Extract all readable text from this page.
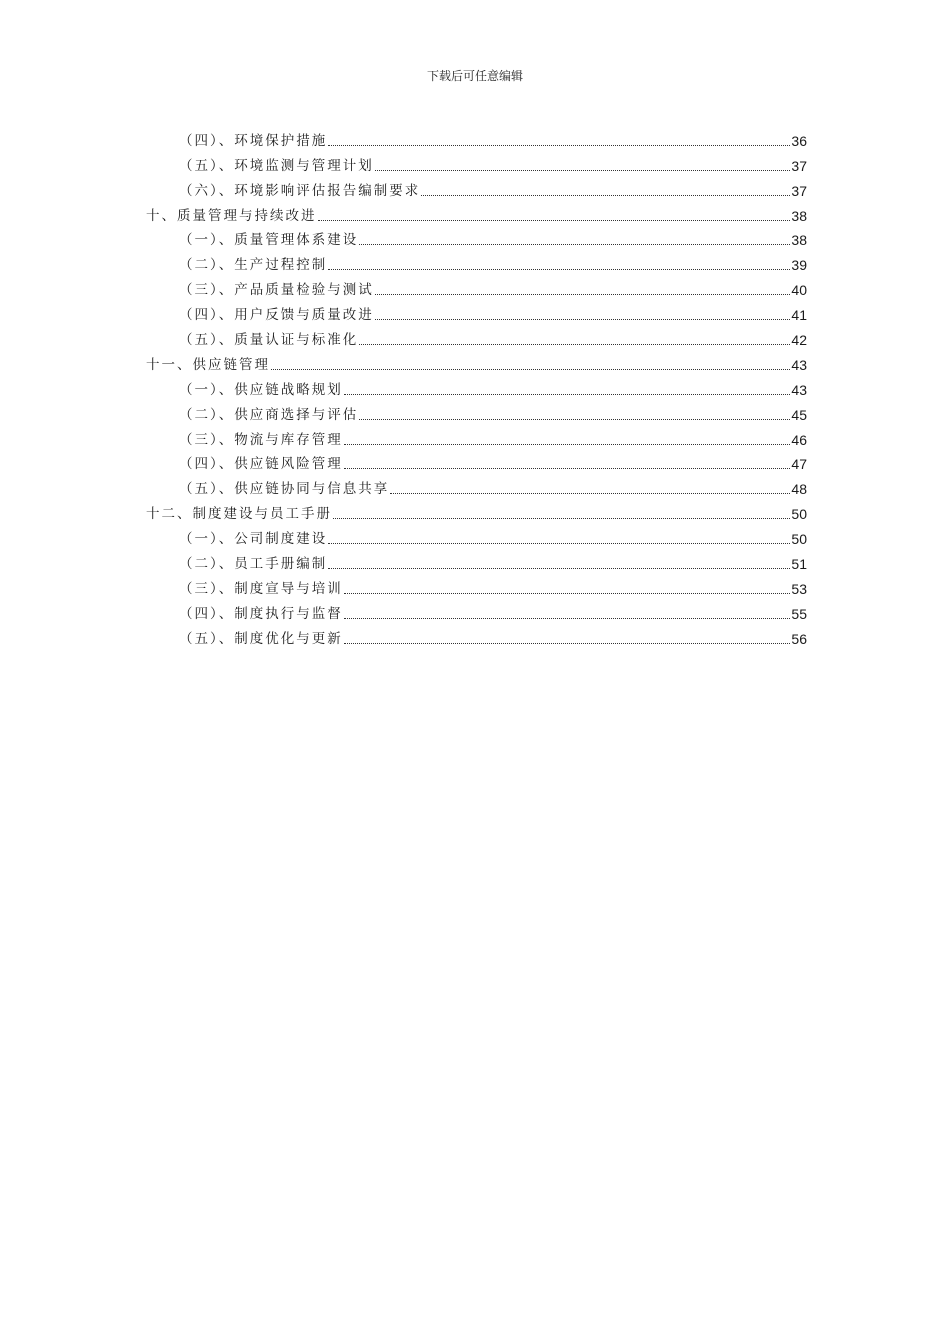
下载后可任意编辑
（四）、环境保护措施	36
（五）、环境监测与管理计划	37
（六）、环境影响评估报告编制要求	37
十、质量管理与持续改进	38
（一）、质量管理体系建设	38
（二）、生产过程控制	39
（三）、产品质量检验与测试	40
（四）、用户反馈与质量改进	41
（五）、质量认证与标准化	42
十一、供应链管理	43
（一）、供应链战略规划	43
（二）、供应商选择与评估	45
（三）、物流与库存管理	46
（四）、供应链风险管理	47
（五）、供应链协同与信息共享	48
十二、制度建设与员工手册	50
（一）、公司制度建设	50
（二）、员工手册编制	51
（三）、制度宣导与培训	53
（四）、制度执行与监督	55
（五）、制度优化与更新	56
